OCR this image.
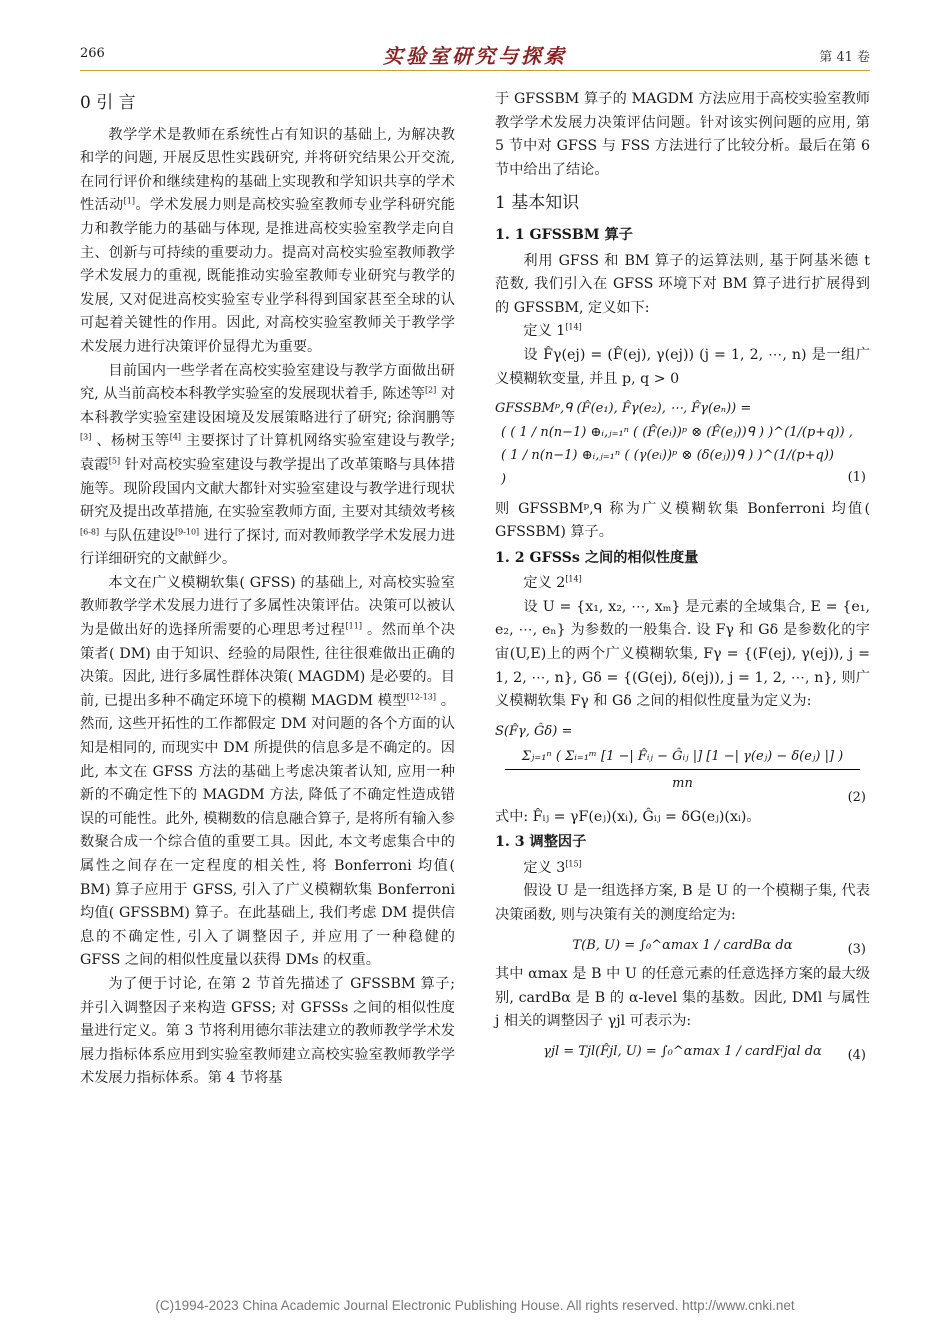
266	实验室研究与探索	第 41 卷

0 引 言

教学学术是教师在系统性占有知识的基础上, 为解决教和学的问题, 开展反思性实践研究, 并将研究结果公开交流, 在同行评价和继续建构的基础上实现教和学知识共享的学术性活动[1]。学术发展力则是高校实验室教师专业学科研究能力和教学能力的基础与体现, 是推进高校实验室教学走向自主、创新与可持续的重要动力。提高对高校实验室教师教学学术发展力的重视, 既能推动实验室教师专业研究与教学的发展, 又对促进高校实验室专业学科得到国家甚至全球的认可起着关键性的作用。因此, 对高校实验室教师关于教学学术发展力进行决策评价显得尤为重要。

目前国内一些学者在高校实验室建设与教学方面做出研究, 从当前高校本科教学实验室的发展现状着手, 陈述等[2] 对本科教学实验室建设困境及发展策略进行了研究; 徐润鹏等[3] 、杨树玉等[4] 主要探讨了计算机网络实验室建设与教学; 袁霞[5] 针对高校实验室建设与教学提出了改革策略与具体措施等。现阶段国内文献大都针对实验室建设与教学进行现状研究及提出改革措施, 在实验室教师方面, 主要对其绩效考核[6-8] 与队伍建设[9-10] 进行了探讨, 而对教师教学学术发展力进行详细研究的文献鲜少。

本文在广义模糊软集( GFSS) 的基础上, 对高校实验室教师教学学术发展力进行了多属性决策评估。决策可以被认为是做出好的选择所需要的心理思考过程[11] 。然而单个决策者( DM) 由于知识、经验的局限性, 往往很难做出正确的决策。因此, 进行多属性群体决策( MAGDM) 是必要的。目前, 已提出多种不确定环境下的模糊 MAGDM 模型[12-13] 。然而, 这些开拓性的工作都假定 DM 对问题的各个方面的认知是相同的, 而现实中 DM 所提供的信息多是不确定的。因此, 本文在 GFSS 方法的基础上考虑决策者认知, 应用一种新的不确定性下的 MAGDM 方法, 降低了不确定性造成错误的可能性。此外, 模糊数的信息融合算子, 是将所有输入参数聚合成一个综合值的重要工具。因此, 本文考虑集合中的属性之间存在一定程度的相关性, 将 Bonferroni 均值( BM) 算子应用于 GFSS, 引入了广义模糊软集 Bonferroni 均值( GFSSBM) 算子。在此基础上, 我们考虑 DM 提供信息的不确定性, 引入了调整因子, 并应用了一种稳健的 GFSS 之间的相似性度量以获得 DMs 的权重。

为了便于讨论, 在第 2 节首先描述了 GFSSBM 算子; 并引入调整因子来构造 GFSS; 对 GFSSs 之间的相似性度量进行定义。第 3 节将利用德尔菲法建立的教师教学学术发展力指标体系应用到实验室教师建立高校实验室教师教学学术发展力指标体系。第 4 节将基

于 GFSSBM 算子的 MAGDM 方法应用于高校实验室教师教学学术发展力决策评估问题。针对该实例问题的应用, 第 5 节中对 GFSS 与 FSS 方法进行了比较分析。最后在第 6 节中给出了结论。

1 基本知识

1. 1 GFSSBM 算子

利用 GFSS 和 BM 算子的运算法则, 基于阿基米德 t 范数, 我们引入在 GFSS 环境下对 BM 算子进行扩展得到的 GFSSBM, 定义如下:

定义 1[14]

设 F̂γ(ej) = (F̂(ej), γ(ej)) (j = 1, 2, ⋯, n) 是一组广义模糊软变量, 并且 p, q > 0

GFSSBMᵖ,ᑫ (F̂(e₁), F̂γ(e₂), ⋯, F̂γ(eₙ)) =
( ( 1 / n(n−1) ⊕ᵢ,ⱼ₌₁ⁿ ( (F̂(eᵢ))ᵖ ⊗ (F̂(eⱼ))ᑫ ) )^(1/(p+q)) ,
( 1 / n(n−1) ⊕ᵢ,ⱼ₌₁ⁿ ( (γ(eᵢ))ᵖ ⊗ (δ(eⱼ))ᑫ ) )^(1/(p+q)) )	(1)

则 GFSSBMᵖ,ᑫ 称为广义模糊软集 Bonferroni 均值( GFSSBM) 算子。

1. 2 GFSSs 之间的相似性度量

定义 2[14]

设 U = {x₁, x₂, ⋯, xₘ} 是元素的全域集合, E = {e₁, e₂, ⋯, eₙ} 为参数的一般集合. 设 Fγ 和 Gδ 是参数化的宇宙(U,E)上的两个广义模糊软集, Fγ = {(F(ej), γ(ej)), j = 1, 2, ⋯, n}, Gδ = {(G(ej), δ(ej)), j = 1, 2, ⋯, n}, 则广义模糊软集 Fγ 和 Gδ 之间的相似性度量为定义为:

S(F̂γ, Ĝδ) =
Σⱼ₌₁ⁿ ( Σᵢ₌₁ᵐ [1 −| F̂ᵢⱼ − Ĝᵢⱼ |] [1 −| γ(eⱼ) − δ(eⱼ) |] )
mn
(2)

式中: F̂ᵢⱼ = γF(eⱼ)(xᵢ), Ĝᵢⱼ = δG(eⱼ)(xᵢ)。

1. 3 调整因子

定义 3[15]

假设 U 是一组选择方案, B 是 U 的一个模糊子集, 代表决策函数, 则与决策有关的测度给定为:

T(B, U) = ∫₀^αmax 1 / cardBα dα	(3)

其中 αmax 是 B 中 U 的任意元素的任意选择方案的最大级别, cardBα 是 B 的 α-level 集的基数。因此, DMl 与属性 j 相关的调整因子 γjl 可表示为:

γjl = Tjl(F̂jl, U) = ∫₀^αmax 1 / cardFjαl dα	(4)
(C)1994-2023 China Academic Journal Electronic Publishing House. All rights reserved. http://www.cnki.net
